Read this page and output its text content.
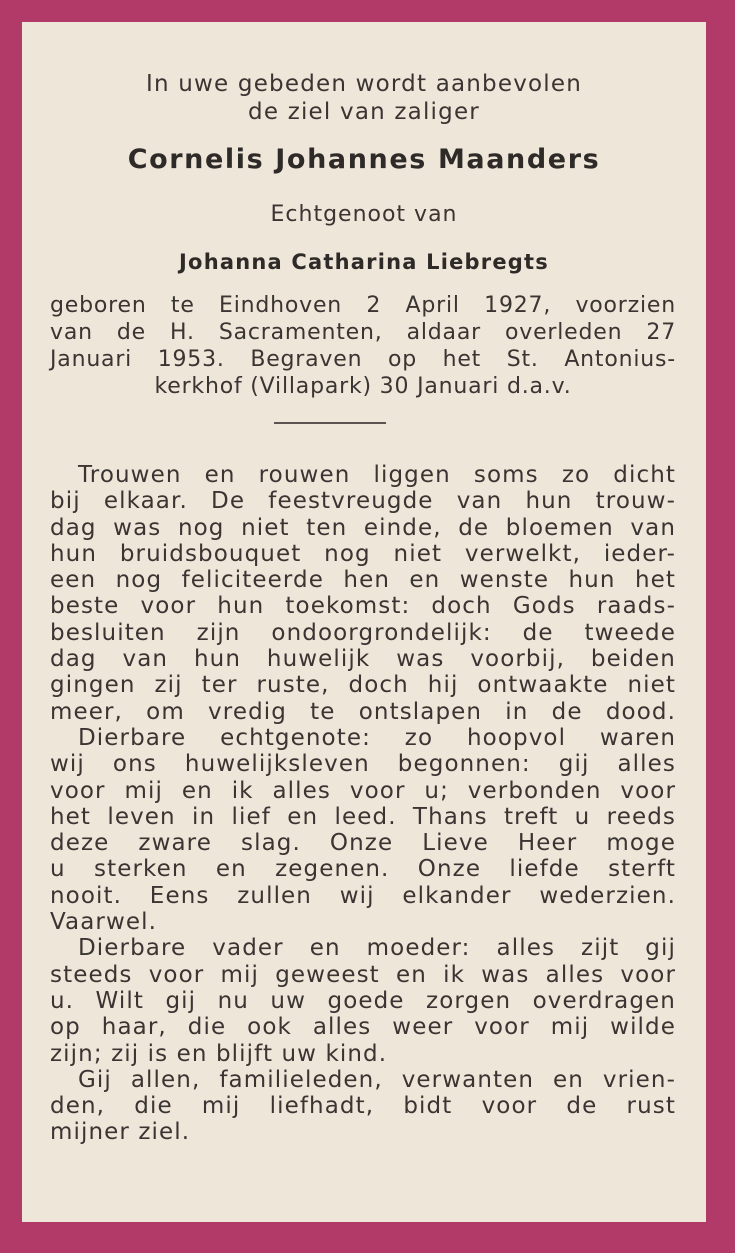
In uwe gebeden wordt aanbevolen
de ziel van zaliger
Cornelis Johannes Maanders
Echtgenoot van
Johanna Catharina Liebregts
geboren te Eindhoven 2 April 1927, voorzien
van de H. Sacramenten, aldaar overleden 27
Januari 1953. Begraven op het St. Antonius-
kerkhof (Villapark) 30 Januari d.a.v.
Trouwen en rouwen liggen soms zo dicht
bij elkaar. De feestvreugde van hun trouw-
dag was nog niet ten einde, de bloemen van
hun bruidsbouquet nog niet verwelkt, ieder-
een nog feliciteerde hen en wenste hun het
beste voor hun toekomst: doch Gods raads-
besluiten zijn ondoorgrondelijk: de tweede
dag van hun huwelijk was voorbij, beiden
gingen zij ter ruste, doch hij ontwaakte niet
meer, om vredig te ontslapen in de dood.
Dierbare echtgenote: zo hoopvol waren
wij ons huwelijksleven begonnen: gij alles
voor mij en ik alles voor u; verbonden voor
het leven in lief en leed. Thans treft u reeds
deze zware slag. Onze Lieve Heer moge
u sterken en zegenen. Onze liefde sterft
nooit. Eens zullen wij elkander wederzien.
Vaarwel.
Dierbare vader en moeder: alles zijt gij
steeds voor mij geweest en ik was alles voor
u. Wilt gij nu uw goede zorgen overdragen
op haar, die ook alles weer voor mij wilde
zijn; zij is en blijft uw kind.
Gij allen, familieleden, verwanten en vrien-
den, die mij liefhadt, bidt voor de rust
mijner ziel.
